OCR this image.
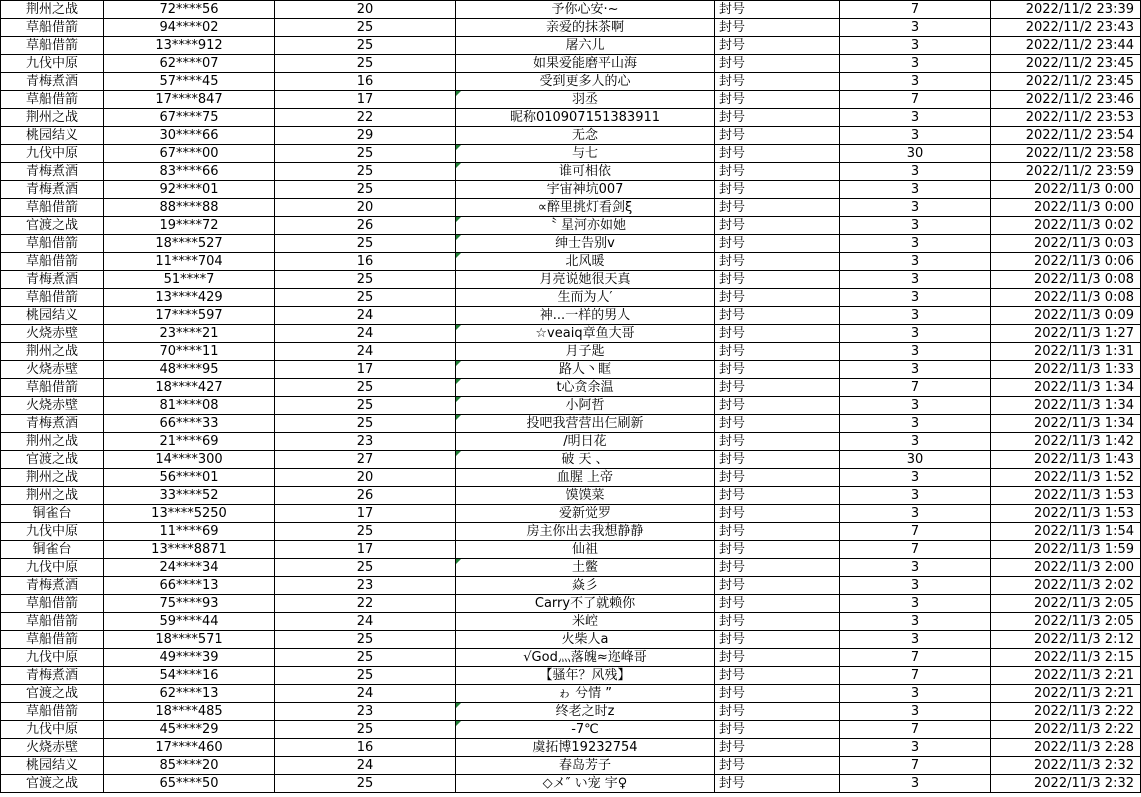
荆州之战	72****56	20	予你心安·~	封号	7	2022/11/2 23:39
草船借箭	94****02	25	亲爱的抹茶啊	封号	3	2022/11/2 23:43
草船借箭	13****912	25	屠六儿	封号	3	2022/11/2 23:44
九伐中原	62****07	25	如果爱能磨平山海	封号	3	2022/11/2 23:45
青梅煮酒	57****45	16	受到更多人的心	封号	3	2022/11/2 23:45
草船借箭	17****847	17	羽丞	封号	7	2022/11/2 23:46
荆州之战	67****75	22	昵称010907151383911	封号	3	2022/11/2 23:53
桃园结义	30****66	29	无念	封号	3	2022/11/2 23:54
九伐中原	67****00	25	与七	封号	30	2022/11/2 23:58
青梅煮酒	83****66	25	谁可相依	封号	3	2022/11/2 23:59
青梅煮酒	92****01	25	宇宙神坑007	封号	3	2022/11/3 0:00
草船借箭	88****88	20	∝醉里挑灯看剑ξ	封号	3	2022/11/3 0:00
官渡之战	19****72	26	〝 星河亦如她	封号	3	2022/11/3 0:02
草船借箭	18****527	25	绅士告别v	封号	3	2022/11/3 0:03
草船借箭	11****704	16	北风暖	封号	3	2022/11/3 0:06
青梅煮酒	51****7	25	月亮说她很天真	封号	3	2022/11/3 0:08
草船借箭	13****429	25	生而为人′	封号	3	2022/11/3 0:08
桃园结义	17****597	24	神...一样的男人	封号	3	2022/11/3 0:09
火烧赤壁	23****21	24	☆veaiq章鱼大哥	封号	3	2022/11/3 1:27
荆州之战	70****11	24	月子匙	封号	3	2022/11/3 1:31
火烧赤壁	48****95	17	路人丶眶	封号	3	2022/11/3 1:33
草船借箭	18****427	25	t心贪余温	封号	7	2022/11/3 1:34
火烧赤壁	81****08	25	小阿哲	封号	3	2022/11/3 1:34
青梅煮酒	66****33	25	投吧我营营出仨刷新	封号	3	2022/11/3 1:34
荆州之战	21****69	23	/明日花	封号	3	2022/11/3 1:42
官渡之战	14****300	27	破 天 、	封号	30	2022/11/3 1:43
荆州之战	56****01	20	血腥 上帝	封号	3	2022/11/3 1:52
荆州之战	33****52	26	馍馍菜	封号	3	2022/11/3 1:53
铜雀台	13****5250	17	爱新觉罗	封号	3	2022/11/3 1:53
九伐中原	11****69	25	房主你出去我想静静	封号	7	2022/11/3 1:54
铜雀台	13****8871	17	仙祖	封号	7	2022/11/3 1:59
九伐中原	24****34	25	土鳖	封号	3	2022/11/3 2:00
青梅煮酒	66****13	23	焱彡	封号	3	2022/11/3 2:02
草船借箭	75****93	22	Carry不了就赖你	封号	3	2022/11/3 2:05
草船借箭	59****44	24	米崆	封号	3	2022/11/3 2:05
草船借箭	18****571	25	火柴人a	封号	3	2022/11/3 2:12
九伐中原	49****39	25	√God灬落魄≈迩峰哥	封号	7	2022/11/3 2:15
青梅煮酒	54****16	25	【骚年？风残】	封号	7	2022/11/3 2:21
官渡之战	62****13	24	ゎ 兮情 ”	封号	3	2022/11/3 2:21
草船借箭	18****485	23	终老之时z	封号	3	2022/11/3 2:22
九伐中原	45****29	25	-7℃	封号	7	2022/11/3 2:22
火烧赤壁	17****460	16	虞拓博19232754	封号	3	2022/11/3 2:28
桃园结义	85****20	24	春岛芳子	封号	7	2022/11/3 2:32
官渡之战	65****50	25	◇メ″ い宠 宇♀	封号	3	2022/11/3 2:32
